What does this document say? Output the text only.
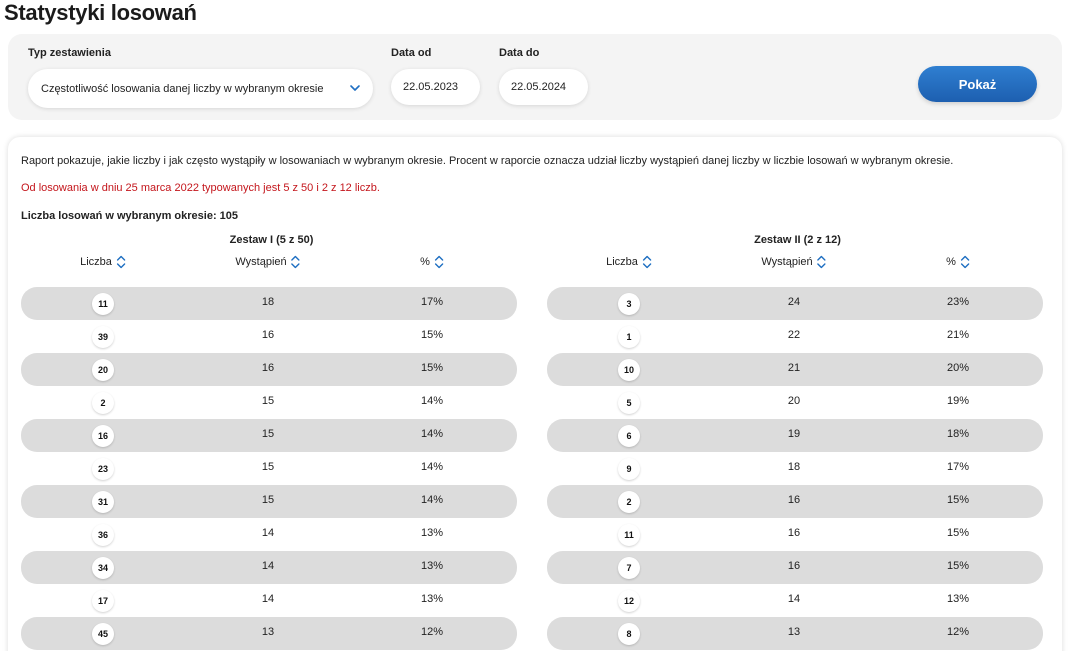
Statystyki losowań
Typ zestawienia
Częstotliwość losowania danej liczby w wybranym okresie
Data od
22.05.2023
Data do
22.05.2024	Pokaż
Raport pokazuje, jakie liczby i jak często wystąpiły w losowaniach w wybranym okresie. Procent w raporcie oznacza udział liczby wystąpień danej liczby w liczbie losowań w wybranym okresie.
Od losowania w dniu 25 marca 2022 typowanych jest 5 z 50 i 2 z 12 liczb.
Liczba losowań w wybranym okresie: 105
Zestaw I (5 z 50)
Liczba	Wystąpień	%
11	18	17%
39	16	15%
20	16	15%
2	15	14%
16	15	14%
23	15	14%
31	15	14%
36	14	13%
34	14	13%
17	14	13%
45	13	12%
Zestaw II (2 z 12)
Liczba	Wystąpień	%
3	24	23%
1	22	21%
10	21	20%
5	20	19%
6	19	18%
9	18	17%
2	16	15%
11	16	15%
7	16	15%
12	14	13%
8	13	12%
